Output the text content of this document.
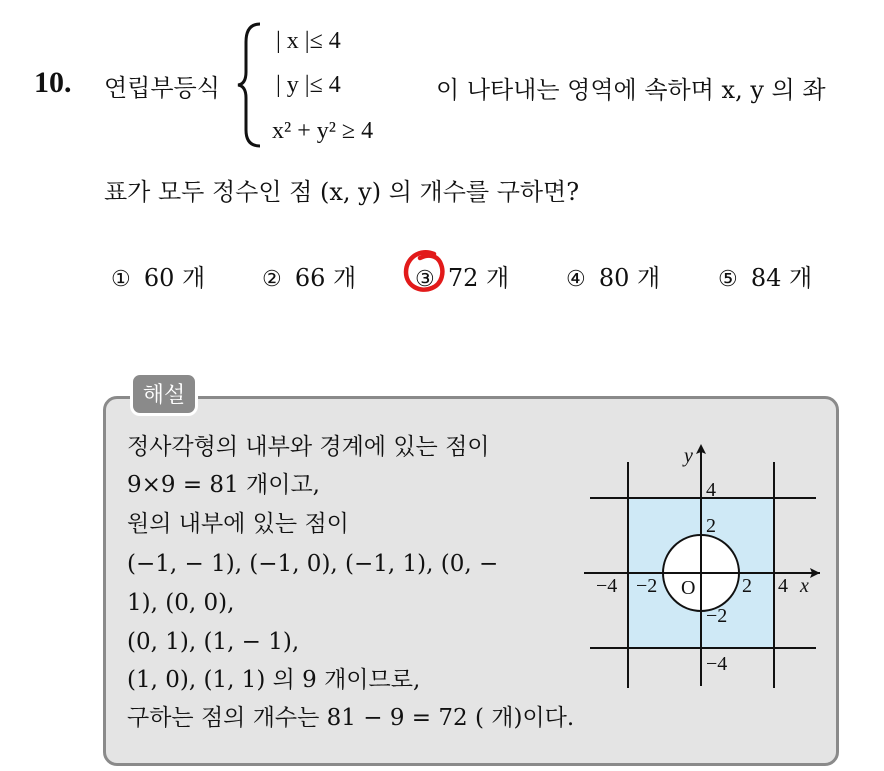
10. 연립부등식
| x |≤ 4
| y |≤ 4
x² + y² ≥ 4
이 나타내는 영역에 속하며 x, y 의 좌
표가 모두 정수인 점 (x, y) 의 개수를 구하면?
① 60 개	② 66 개	③ 72 개	④ 80 개	⑤ 84 개
해설
정사각형의 내부와 경계에 있는 점이
9×9 = 81 개이고,
원의 내부에 있는 점이
(−1, − 1), (−1, 0), (−1, 1), (0, −
1), (0, 0),
(0, 1), (1, − 1),
(1, 0), (1, 1) 의 9 개이므로,
구하는 점의 개수는 81 − 9 = 72 ( 개)이다.
y
x
O
4
2
−2
−4
−4 −2	2 4
